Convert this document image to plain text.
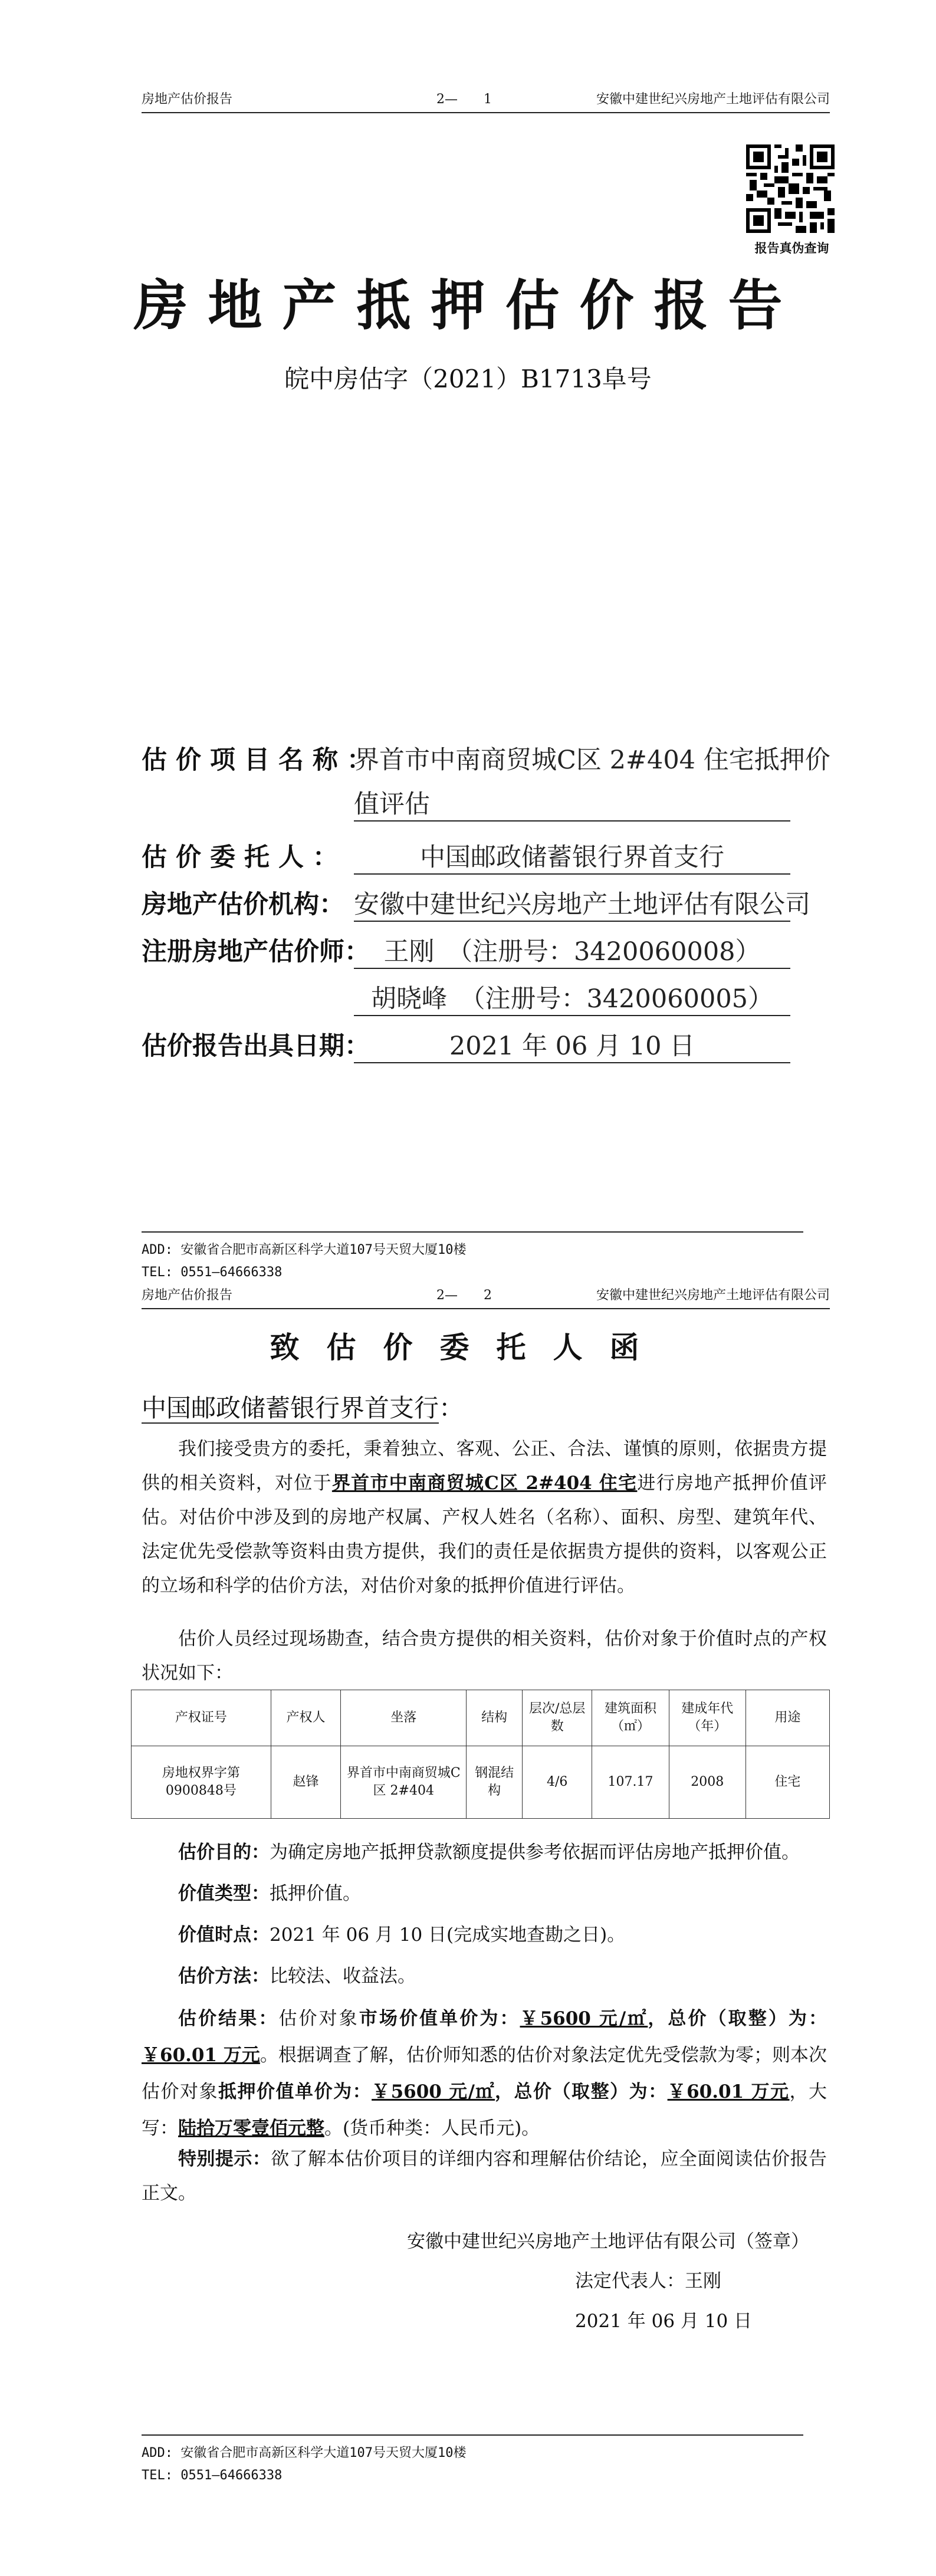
房地产估价报告	2—　　1	安徽中建世纪兴房地产土地评估有限公司
报告真伪查询
房地产抵押估价报告
皖中房估字（2021）B1713阜号
估价项目名称：
界首市中南商贸城C区 2#404 住宅抵押价
值评估
估价委托人：	中国邮政储蓄银行界首支行
房地产估价机构： 安徽中建世纪兴房地产土地评估有限公司
注册房地产估价师： 王刚　（注册号：3420060008）
胡晓峰　（注册号：3420060005）
估价报告出具日期：	2021 年 06 月 10 日
ADD: 安徽省合肥市高新区科学大道107号天贸大厦10楼
TEL: 0551—64666338
房地产估价报告	2—　　2	安徽中建世纪兴房地产土地评估有限公司
致估价委托人函
中国邮政储蓄银行界首支行：
我们接受贵方的委托，秉着独立、客观、公正、合法、谨慎的原则，依据贵方提供的相关资料，对位于界首市中南商贸城C区 2#404 住宅进行房地产抵押价值评估。对估价中涉及到的房地产权属、产权人姓名（名称）、面积、房型、建筑年代、法定优先受偿款等资料由贵方提供，我们的责任是依据贵方提供的资料，以客观公正的立场和科学的估价方法，对估价对象的抵押价值进行评估。
估价人员经过现场勘查，结合贵方提供的相关资料，估价对象于价值时点的产权状况如下：
产权证号	产权人	坐落	结构	层次/总层数	建筑面积（㎡）	建成年代（年）	用途
房地权界字第0900848号	赵锋	界首市中南商贸城C区 2#404	钢混结构	4/6	107.17	2008	住宅
估价目的：为确定房地产抵押贷款额度提供参考依据而评估房地产抵押价值。
价值类型：抵押价值。
价值时点：2021 年 06 月 10 日(完成实地查勘之日)。
估价方法：比较法、收益法。
估价结果：估价对象市场价值单价为：￥5600 元/㎡，总价（取整）为：￥60.01 万元。根据调查了解，估价师知悉的估价对象法定优先受偿款为零；则本次估价对象抵押价值单价为：￥5600 元/㎡，总价（取整）为：￥60.01 万元，大写：陆拾万零壹佰元整。(货币种类：人民币元)。
特别提示：欲了解本估价项目的详细内容和理解估价结论，应全面阅读估价报告正文。
安徽中建世纪兴房地产土地评估有限公司（签章）
法定代表人：王刚
2021 年 06 月 10 日
ADD: 安徽省合肥市高新区科学大道107号天贸大厦10楼
TEL: 0551—64666338
